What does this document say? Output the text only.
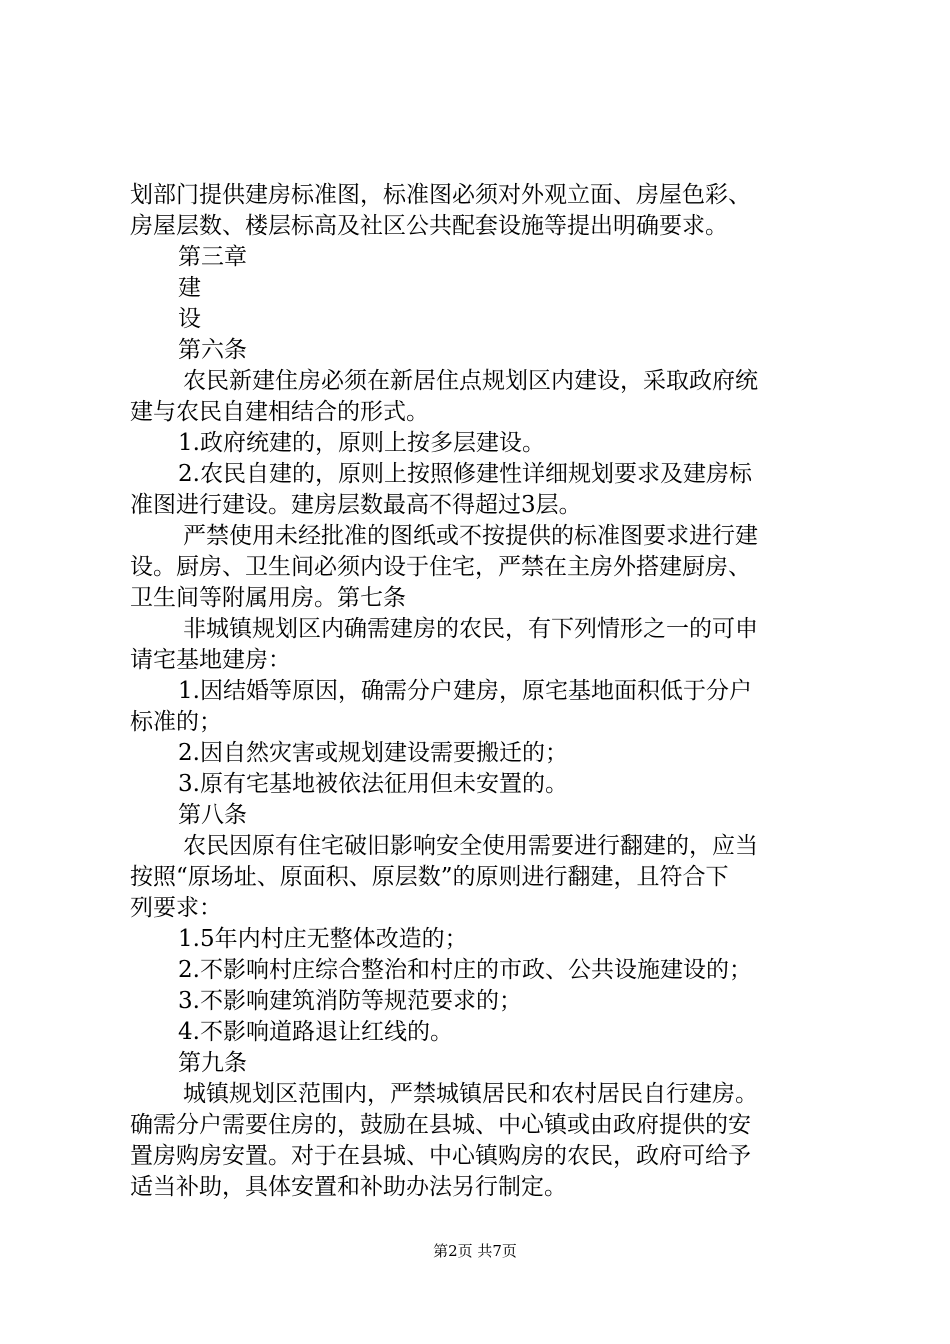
划部门提供建房标准图，标准图必须对外观立面、房屋色彩、
房屋层数、楼层标高及社区公共配套设施等提出明确要求。
第三章
建
设
第六条
农民新建住房必须在新居住点规划区内建设，采取政府统
建与农民自建相结合的形式。
1.政府统建的，原则上按多层建设。
2.农民自建的，原则上按照修建性详细规划要求及建房标
准图进行建设。建房层数最高不得超过3层。
严禁使用未经批准的图纸或不按提供的标准图要求进行建
设。厨房、卫生间必须内设于住宅，严禁在主房外搭建厨房、
卫生间等附属用房。第七条
非城镇规划区内确需建房的农民，有下列情形之一的可申
请宅基地建房：
1.因结婚等原因，确需分户建房，原宅基地面积低于分户
标准的；
2.因自然灾害或规划建设需要搬迁的；
3.原有宅基地被依法征用但未安置的。
第八条
农民因原有住宅破旧影响安全使用需要进行翻建的，应当
按照“原场址、原面积、原层数”的原则进行翻建，且符合下
列要求：
1.5年内村庄无整体改造的；
2.不影响村庄综合整治和村庄的市政、公共设施建设的；
3.不影响建筑消防等规范要求的；
4.不影响道路退让红线的。
第九条
城镇规划区范围内，严禁城镇居民和农村居民自行建房。
确需分户需要住房的，鼓励在县城、中心镇或由政府提供的安
置房购房安置。对于在县城、中心镇购房的农民，政府可给予
适当补助，具体安置和补助办法另行制定。
第2页 共7页
